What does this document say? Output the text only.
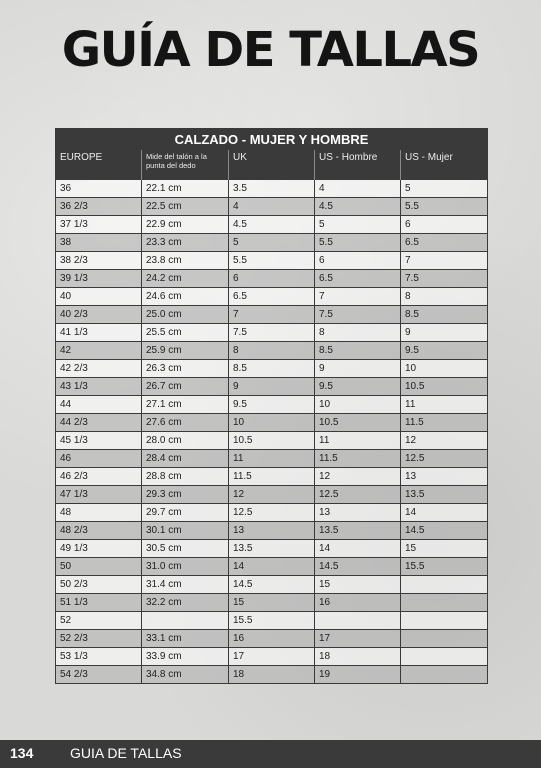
GUÍA DE TALLAS
CALZADO - MUJER Y HOMBRE				
EUROPE	Mide del talón a la punta del dedo	UK	US - Hombre	US - Mujer
36	22.1 cm	3.5	4	5
36 2/3	22.5 cm	4	4.5	5.5
37 1/3	22.9 cm	4.5	5	6
38	23.3 cm	5	5.5	6.5
38 2/3	23.8 cm	5.5	6	7
39 1/3	24.2 cm	6	6.5	7.5
40	24.6 cm	6.5	7	8
40 2/3	25.0 cm	7	7.5	8.5
41 1/3	25.5 cm	7.5	8	9
42	25.9 cm	8	8.5	9.5
42 2/3	26.3 cm	8.5	9	10
43 1/3	26.7 cm	9	9.5	10.5
44	27.1 cm	9.5	10	11
44 2/3	27.6 cm	10	10.5	11.5
45 1/3	28.0 cm	10.5	11	12
46	28.4 cm	11	11.5	12.5
46 2/3	28.8 cm	11.5	12	13
47 1/3	29.3 cm	12	12.5	13.5
48	29.7 cm	12.5	13	14
48 2/3	30.1 cm	13	13.5	14.5
49 1/3	30.5 cm	13.5	14	15
50	31.0 cm	14	14.5	15.5
50 2/3	31.4 cm	14.5	15	
51 1/3	32.2 cm	15	16	
52		15.5		
52 2/3	33.1 cm	16	17	
53 1/3	33.9 cm	17	18	
54 2/3	34.8 cm	18	19	
134	GUIA DE TALLAS
